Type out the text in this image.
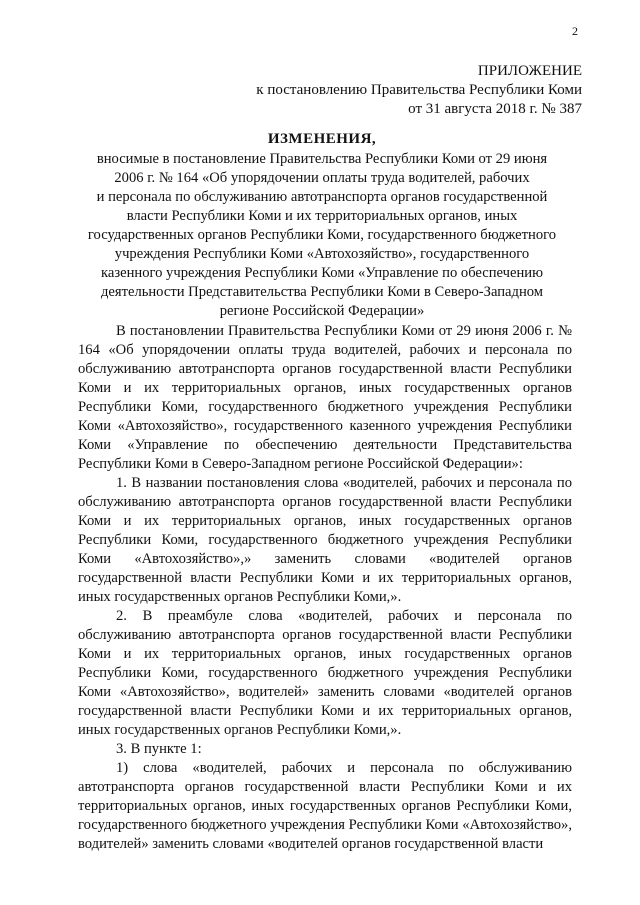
2
ПРИЛОЖЕНИЕ
к постановлению Правительства Республики Коми
от 31 августа 2018 г. № 387
ИЗМЕНЕНИЯ,
вносимые в постановление Правительства Республики Коми от 29 июня
2006 г. № 164 «Об упорядочении оплаты труда водителей, рабочих
и персонала по обслуживанию автотранспорта органов государственной
власти Республики Коми и их территориальных органов, иных
государственных органов Республики Коми, государственного бюджетного
учреждения Республики Коми «Автохозяйство», государственного
казенного учреждения Республики Коми «Управление по обеспечению
деятельности Представительства Республики Коми в Северо-Западном
регионе Российской Федерации»

В постановлении Правительства Республики Коми от 29 июня 2006 г. № 164 «Об упорядочении оплаты труда водителей, рабочих и персонала по обслуживанию автотранспорта органов государственной власти Республики Коми и их территориальных органов, иных государственных органов Республики Коми, государственного бюджетного учреждения Республики Коми «Автохозяйство», государственного казенного учреждения Республики Коми «Управление по обеспечению деятельности Представительства Республики Коми в Северо-Западном регионе Российской Федерации»:

1. В названии постановления слова «водителей, рабочих и персонала по обслуживанию автотранспорта органов государственной власти Республики Коми и их территориальных органов, иных государственных органов Республики Коми, государственного бюджетного учреждения Республики Коми «Автохозяйство»,» заменить словами «водителей органов государственной власти Республики Коми и их территориальных органов, иных государственных органов Республики Коми,».

2. В преамбуле слова «водителей, рабочих и персонала по обслуживанию автотранспорта органов государственной власти Республики Коми и их территориальных органов, иных государственных органов Республики Коми, государственного бюджетного учреждения Республики Коми «Автохозяйство», водителей» заменить словами «водителей органов государственной власти Республики Коми и их территориальных органов, иных государственных органов Республики Коми,».

3. В пункте 1:

1) слова «водителей, рабочих и персонала по обслуживанию автотранспорта органов государственной власти Республики Коми и их территориальных органов, иных государственных органов Республики Коми, государственного бюджетного учреждения Республики Коми «Автохозяйство», водителей» заменить словами «водителей органов государственной власти
